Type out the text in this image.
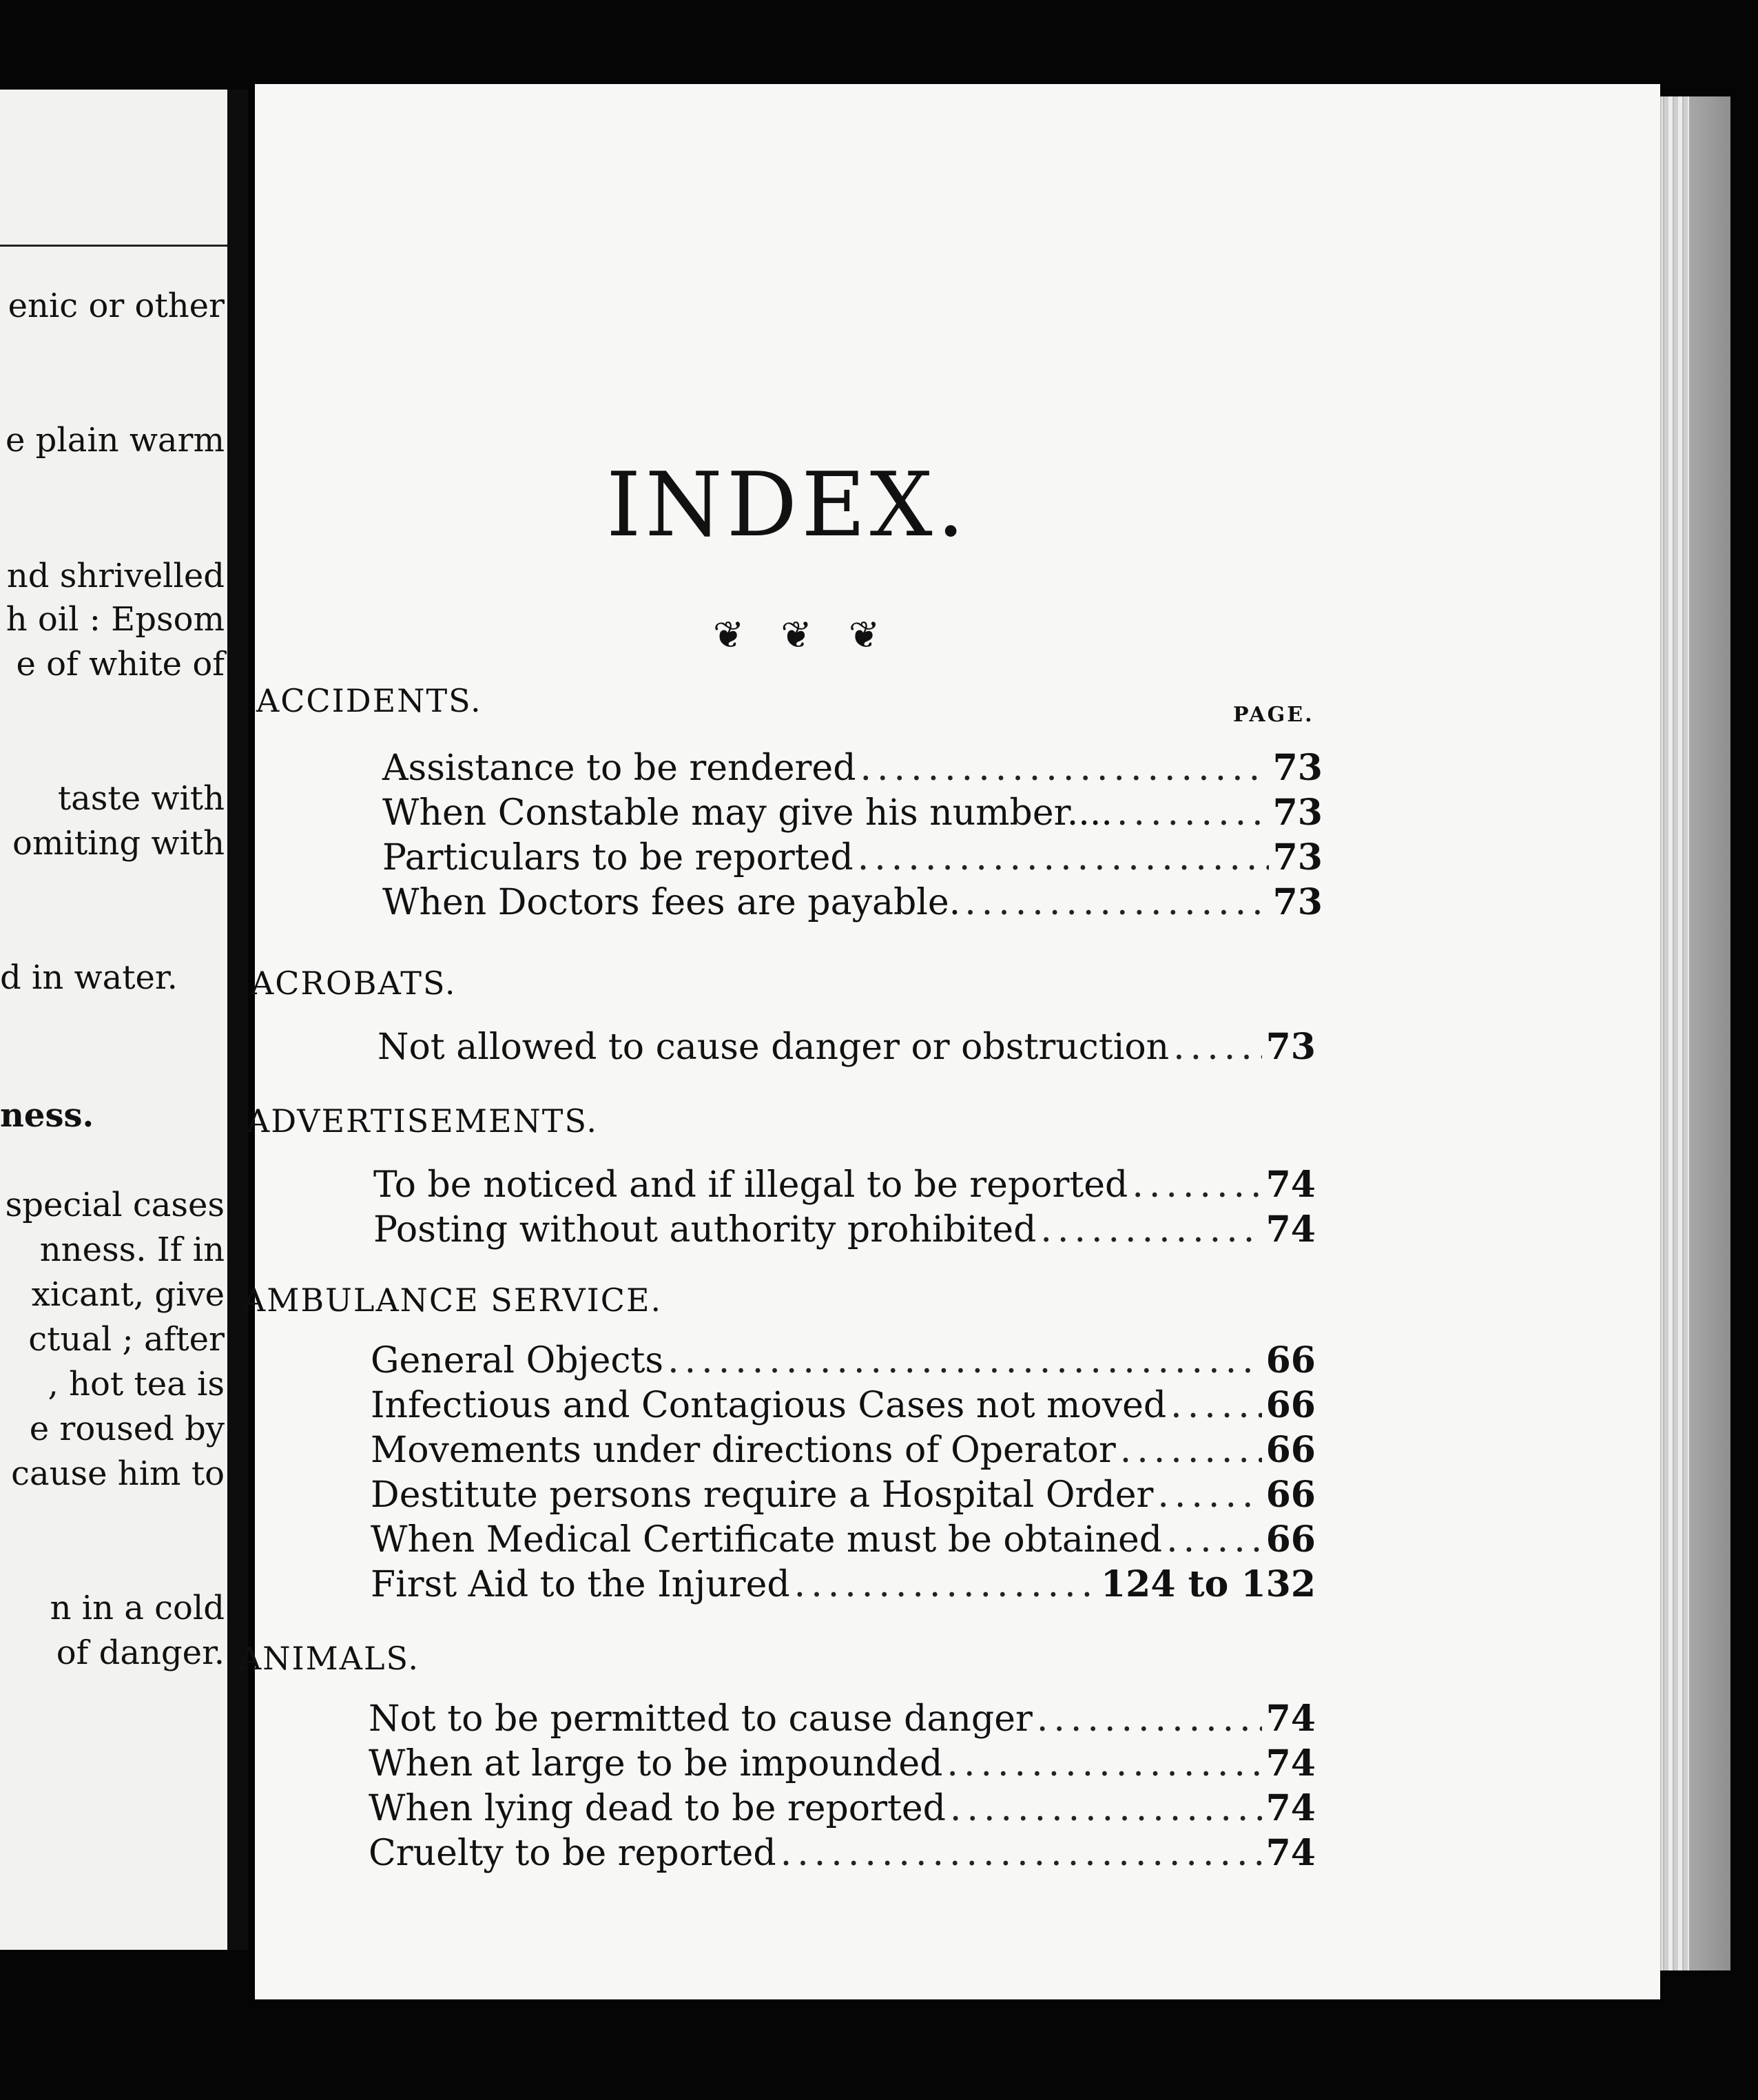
enic or other
e plain warm
nd shrivelled
h oil : Epsom
e of white of
taste with
omiting with
d in water.
ness.
special cases
nness. If in
xicant, give
ctual ; after
, hot tea is
e roused by
cause him to
n in a cold
of danger.
INDEX.
❦ ❦ ❦
PAGE.
ACCIDENTS.
Assistance to be rendered .....	73
When Constable may give his number.... .....	73
Particulars to be reported .....	73
When Doctors fees are payable. .....	73
ACROBATS.
Not allowed to cause danger or obstruction .....	73
ADVERTISEMENTS.
To be noticed and if illegal to be reported .....	74
Posting without authority prohibited .....	74
AMBULANCE SERVICE.
General Objects .....	66
Infectious and Contagious Cases not moved .....	66
Movements under directions of Operator .....	66
Destitute persons require a Hospital Order .....	66
When Medical Certificate must be obtained .....	66
First Aid to the Injured .....	124 to 132
ANIMALS.
Not to be permitted to cause danger .....	74
When at large to be impounded .....	74
When lying dead to be reported .....	74
Cruelty to be reported .....	74
